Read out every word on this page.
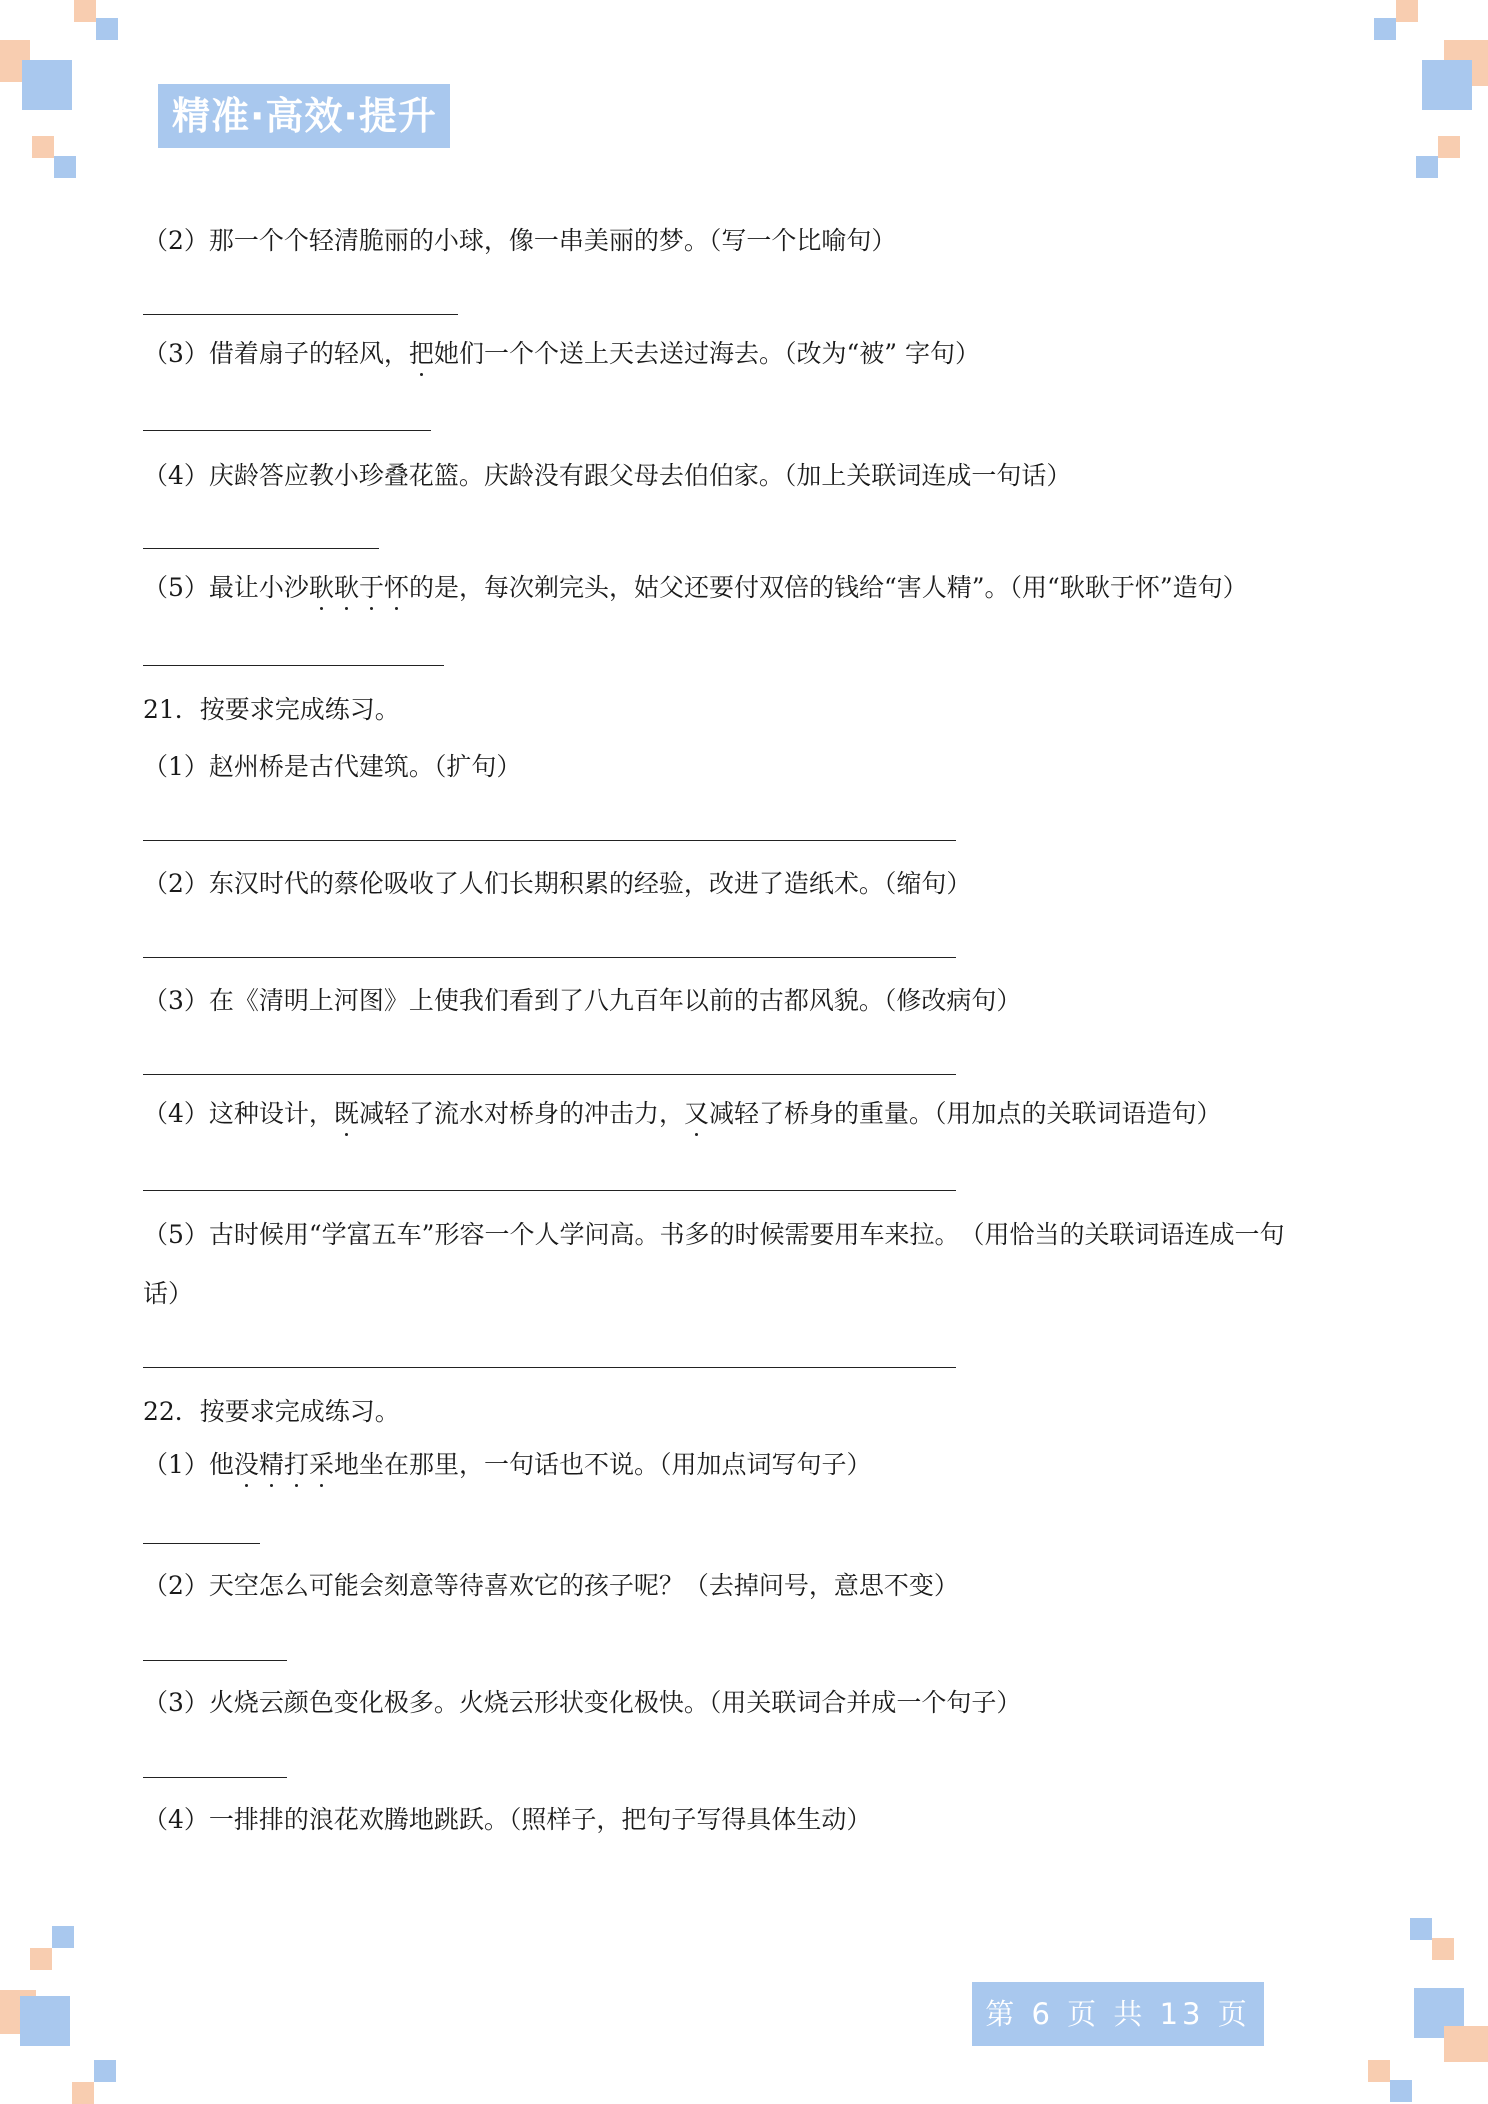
精准·高效·提升
（2）那一个个轻清脆丽的小球，像一串美丽的梦。（写一个比喻句）
（3）借着扇子的轻风，把她们一个个送上天去送过海去。（改为“被” 字句）
（4）庆龄答应教小珍叠花篮。庆龄没有跟父母去伯伯家。（加上关联词连成一句话）
（5）最让小沙耿耿于怀的是，每次剃完头，姑父还要付双倍的钱给“害人精”。（用“耿耿于怀”造句）
21．按要求完成练习。
（1）赵州桥是古代建筑。（扩句）
（2）东汉时代的蔡伦吸收了人们长期积累的经验，改进了造纸术。（缩句）
（3）在《清明上河图》上使我们看到了八九百年以前的古都风貌。（修改病句）
（4）这种设计，既减轻了流水对桥身的冲击力，又减轻了桥身的重量。（用加点的关联词语造句）
（5）古时候用“学富五车”形容一个人学问高。书多的时候需要用车来拉。　（用恰当的关联词语连成一句
话）
22．按要求完成练习。
（1）他没精打采地坐在那里，一句话也不说。（用加点词写句子）
（2）天空怎么可能会刻意等待喜欢它的孩子呢？（去掉问号，意思不变）
（3）火烧云颜色变化极多。火烧云形状变化极快。（用关联词合并成一个句子）
（4）一排排的浪花欢腾地跳跃。（照样子，把句子写得具体生动）
第 6 页 共 13 页
